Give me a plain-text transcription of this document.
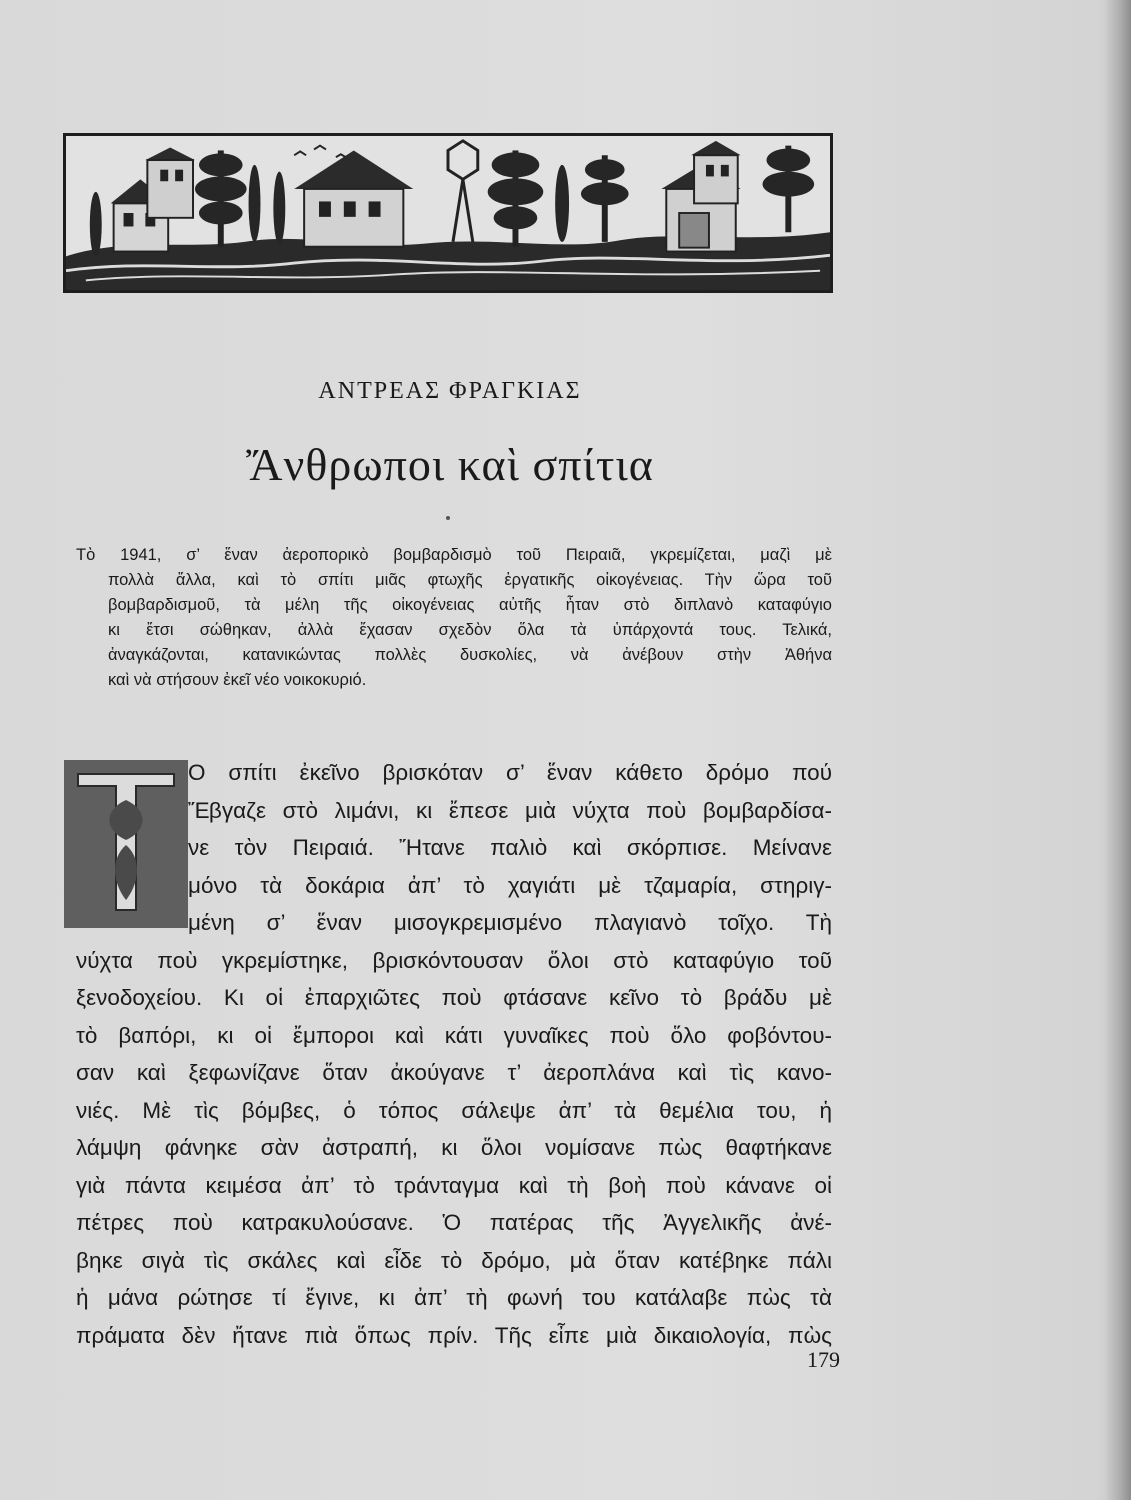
ΑΝΤΡΕΑΣ ΦΡΑΓΚΙΑΣ
Ἄνθρωποι καὶ σπίτια
Τὸ 1941, σ’ ἕναν ἀεροπορικὸ βομβαρδισμὸ τοῦ Πειραιᾶ, γκρεμίζεται, μαζὶ μὲ
πολλὰ ἄλλα, καὶ τὸ σπίτι μιᾶς φτωχῆς ἐργατικῆς οἰκογένειας. Τὴν ὥρα τοῦ
βομβαρδισμοῦ, τὰ μέλη τῆς οἰκογένειας αὐτῆς ἦταν στὸ διπλανὸ καταφύγιο
κι ἔτσι σώθηκαν, ἀλλὰ ἔχασαν σχεδὸν ὅλα τὰ ὑπάρχοντά τους. Τελικά,
ἀναγκάζονται, κατανικώντας πολλὲς δυσκολίες, νὰ ἀνέβουν στὴν Ἀθήνα
καὶ νὰ στήσουν ἐκεῖ νέο νοικοκυριό.
Τ
Ο σπίτι ἐκεῖνο βρισκόταν σ’ ἕναν κάθετο δρόμο πού
Ἔβγαζε στὸ λιμάνι, κι ἔπεσε μιὰ νύχτα ποὺ βομβαρδίσα-
νε τὸν Πειραιά. Ἤτανε παλιὸ καὶ σκόρπισε. Μείνανε
μόνο τὰ δοκάρια ἀπ’ τὸ χαγιάτι μὲ τζαμαρία, στηριγ-
μένη σ’ ἕναν μισογκρεμισμένο πλαγιανὸ τοῖχο. Τὴ
νύχτα ποὺ γκρεμίστηκε, βρισκόντουσαν ὅλοι στὸ καταφύγιο τοῦ
ξενοδοχείου. Κι οἱ ἐπαρχιῶτες ποὺ φτάσανε κεῖνο τὸ βράδυ μὲ
τὸ βαπόρι, κι οἱ ἔμποροι καὶ κάτι γυναῖκες ποὺ ὅλο φοβόντου-
σαν καὶ ξεφωνίζανε ὅταν ἀκούγανε τ’ ἀεροπλάνα καὶ τὶς κανο-
νιές. Μὲ τὶς βόμβες, ὁ τόπος σάλεψε ἀπ’ τὰ θεμέλια του, ἡ
λάμψη φάνηκε σὰν ἀστραπή, κι ὅλοι νομίσανε πὼς θαφτήκανε
γιὰ πάντα κειμέσα ἀπ’ τὸ τράνταγμα καὶ τὴ βοὴ ποὺ κάνανε οἱ
πέτρες ποὺ κατρακυλούσανε. Ὁ πατέρας τῆς Ἀγγελικῆς ἀνέ-
βηκε σιγὰ τὶς σκάλες καὶ εἶδε τὸ δρόμο, μὰ ὅταν κατέβηκε πάλι
ἡ μάνα ρώτησε τί ἔγινε, κι ἀπ’ τὴ φωνή του κατάλαβε πὼς τὰ
πράματα δὲν ἤτανε πιὰ ὅπως πρίν. Τῆς εἶπε μιὰ δικαιολογία, πὼς
179
